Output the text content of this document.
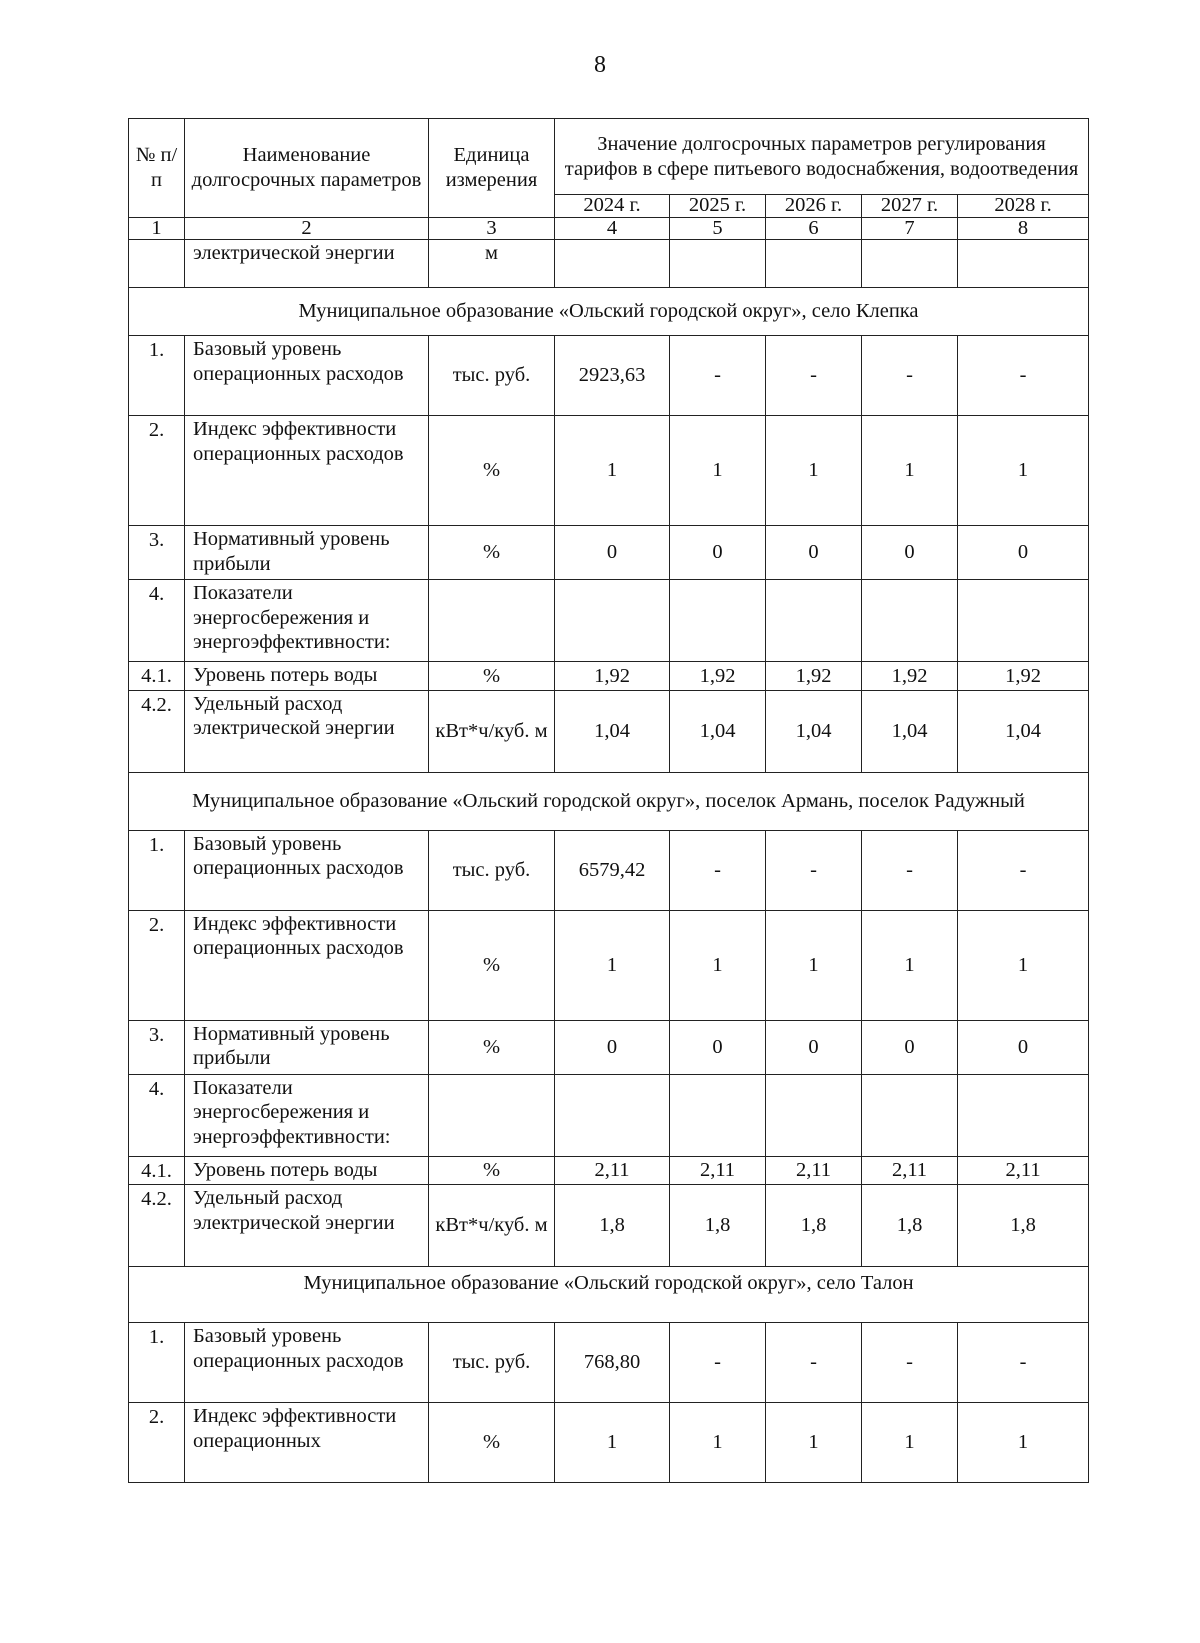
8
№ п/п	Наименование долгосрочных параметров	Единица измерения	Значение долгосрочных параметров регулирования тарифов в сфере питьевого водоснабжения, водоотведения				
			2024 г.	2025 г.	2026 г.	2027 г.	2028 г.
1	2	3	4	5	6	7	8
	электрической энергии	м					
Муниципальное образование «Ольский городской округ», село Клепка							
1.	Базовый уровень операционных расходов	тыс. руб.	2923,63	-	-	-	-
2.	Индекс эффективности операционных расходов	%	1	1	1	1	1
3.	Нормативный уровень прибыли	%	0	0	0	0	0
4.	Показатели энергосбережения и энергоэффективности:						
4.1.	Уровень потерь воды	%	1,92	1,92	1,92	1,92	1,92
4.2.	Удельный расход электрической энергии	кВт*ч/куб. м	1,04	1,04	1,04	1,04	1,04
Муниципальное образование «Ольский городской округ», поселок Армань, поселок Радужный							
1.	Базовый уровень операционных расходов	тыс. руб.	6579,42	-	-	-	-
2.	Индекс эффективности операционных расходов	%	1	1	1	1	1
3.	Нормативный уровень прибыли	%	0	0	0	0	0
4.	Показатели энергосбережения и энергоэффективности:						
4.1.	Уровень потерь воды	%	2,11	2,11	2,11	2,11	2,11
4.2.	Удельный расход электрической энергии	кВт*ч/куб. м	1,8	1,8	1,8	1,8	1,8
Муниципальное образование «Ольский городской округ», село Талон							
1.	Базовый уровень операционных расходов	тыс. руб.	768,80	-	-	-	-
2.	Индекс эффективности операционных	%	1	1	1	1	1
